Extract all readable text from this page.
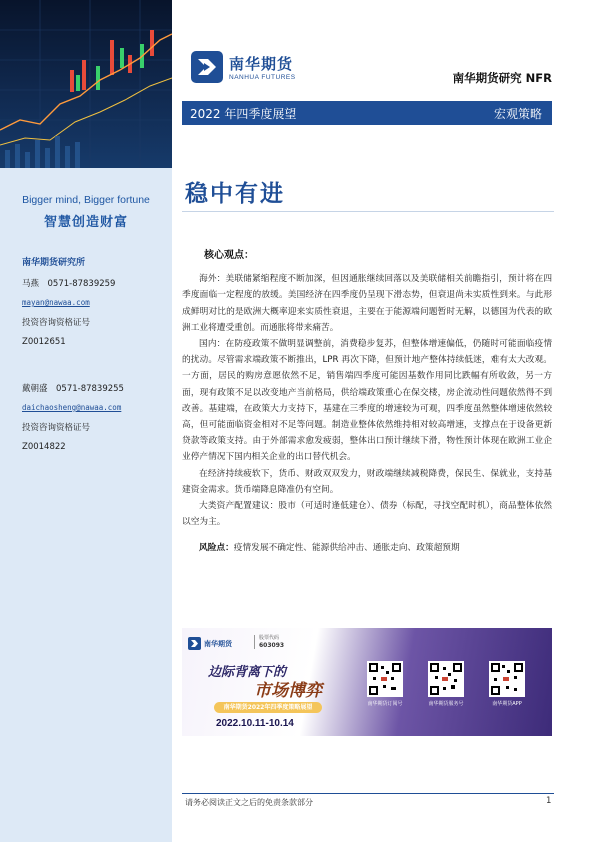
Bigger mind, Bigger fortune
智慧创造财富
南华期货研究所
马燕　0571-87839259
mayan@nawaa.com
投资咨询资格证号
Z0012651
戴朝盛　0571-87839255
daichaosheng@nawaa.com
投资咨询资格证号
Z0014822
南华期货
NANHUA FUTURES	南华期货研究 NFR
2022 年四季度展望	宏观策略
稳中有进
核心观点：

海外：美联储紧缩程度不断加深，但因通胀继续回落以及美联储相关前瞻指引，预计将在四季度面临一定程度的放缓。美国经济在四季度仍呈现下滑态势，但衰退尚未实质性到来。与此形成鲜明对比的是欧洲大概率迎来实质性衰退，主要在于能源端问题暂时无解，以德国为代表的欧洲工业将遭受重创。而通胀将带来痛苦。

国内：在防疫政策不做明显调整前，消费稳步复苏，但整体增速偏低，仍随时可能面临疫情的扰动。尽管需求端政策不断推出，LPR 再次下降，但预计地产整体持续低迷，难有太大改观。一方面，居民的购房意愿依然不足，销售端四季度可能因基数作用同比跌幅有所收敛，另一方面，现有政策不足以改变地产当前格局，供给端政策重心在保交楼，房企流动性问题依然得不到改善。基建端，在政策大力支持下，基建在三季度的增速较为可观，四季度虽然整体增速依然较高，但可能面临资金相对不足等问题。制造业整体依然维持相对较高增速，支撑点在于设备更新贷款等政策支持。由于外部需求愈发疲弱，整体出口预计继续下滑，物性预计体现在欧洲工业企业停产情况下国内相关企业的出口替代机会。

在经济持续疲软下，货币、财政双双发力，财政端继续减税降费，保民生、保就业，支持基建资金需求。货币端降息降准仍有空间。

大类资产配置建议：股市（可适时逢低建仓）、债券（标配，寻找空配时机），商品整体依然以空为主。

风险点：疫情发展不确定性、能源供给冲击、通胀走向、政策超预期

南华期货
股票代码
603093
边际背离下的
市场博弈
南华期货2022年四季度策略展望
2022.10.11-10.14
南华期货订阅号	南华期货服务号	南华期货APP
请务必阅读正文之后的免责条款部分	1
